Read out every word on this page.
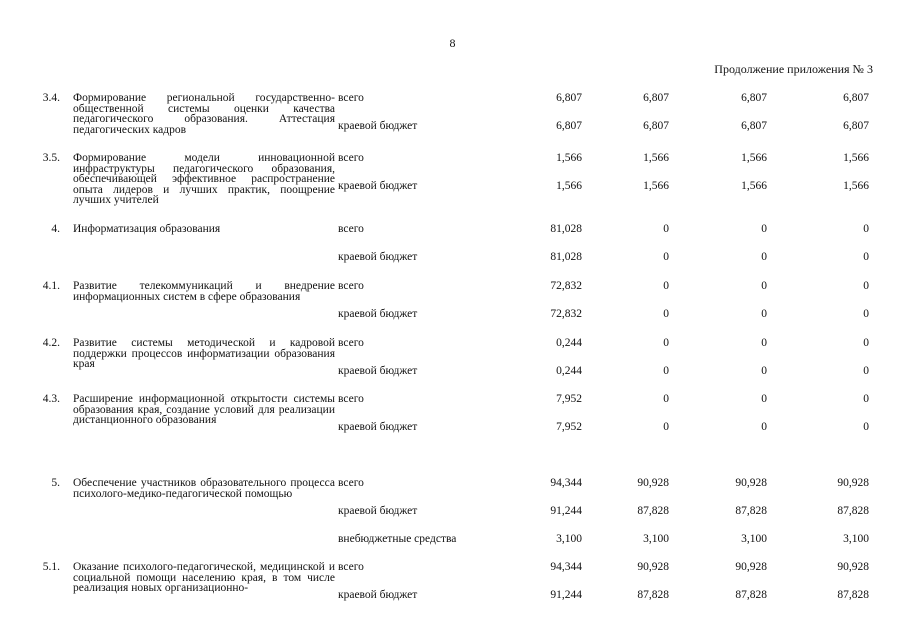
8
Продолжение приложения № 3
3.4. Формирование региональной государственно-общественной системы оценки качества педагогического образования. Аттестация педагогических кадров
всего	6,807	6,807	6,807	6,807
краевой бюджет	6,807	6,807	6,807	6,807
3.5. Формирование модели инновационной инфраструктуры педагогического образования, обеспечивающей эффективное распространение опыта лидеров и лучших практик, поощрение лучших учителей
всего	1,566	1,566	1,566	1,566
краевой бюджет	1,566	1,566	1,566	1,566
4. Информатизация образования	всего	81,028	0	0	0
краевой бюджет	81,028	0	0	0
4.1. Развитие телекоммуникаций и внедрение информационных систем в сфере образования
всего	72,832	0	0	0
краевой бюджет	72,832	0	0	0
4.2. Развитие системы методической и кадровой поддержки процессов информатизации образования края
всего	0,244	0	0	0
краевой бюджет	0,244	0	0	0
4.3. Расширение информационной открытости системы образования края, создание условий для реализации дистанционного образования
всего	7,952	0	0	0
краевой бюджет	7,952	0	0	0
5. Обеспечение участников образовательного процесса психолого-медико-педагогической помощью
всего	94,344	90,928	90,928	90,928
краевой бюджет	91,244	87,828	87,828	87,828
внебюджетные средства	3,100	3,100	3,100	3,100
5.1. Оказание психолого-педагогической, медицинской и социальной помощи населению края, в том числе реализация новых организационно-
всего	94,344	90,928	90,928	90,928
краевой бюджет	91,244	87,828	87,828	87,828
